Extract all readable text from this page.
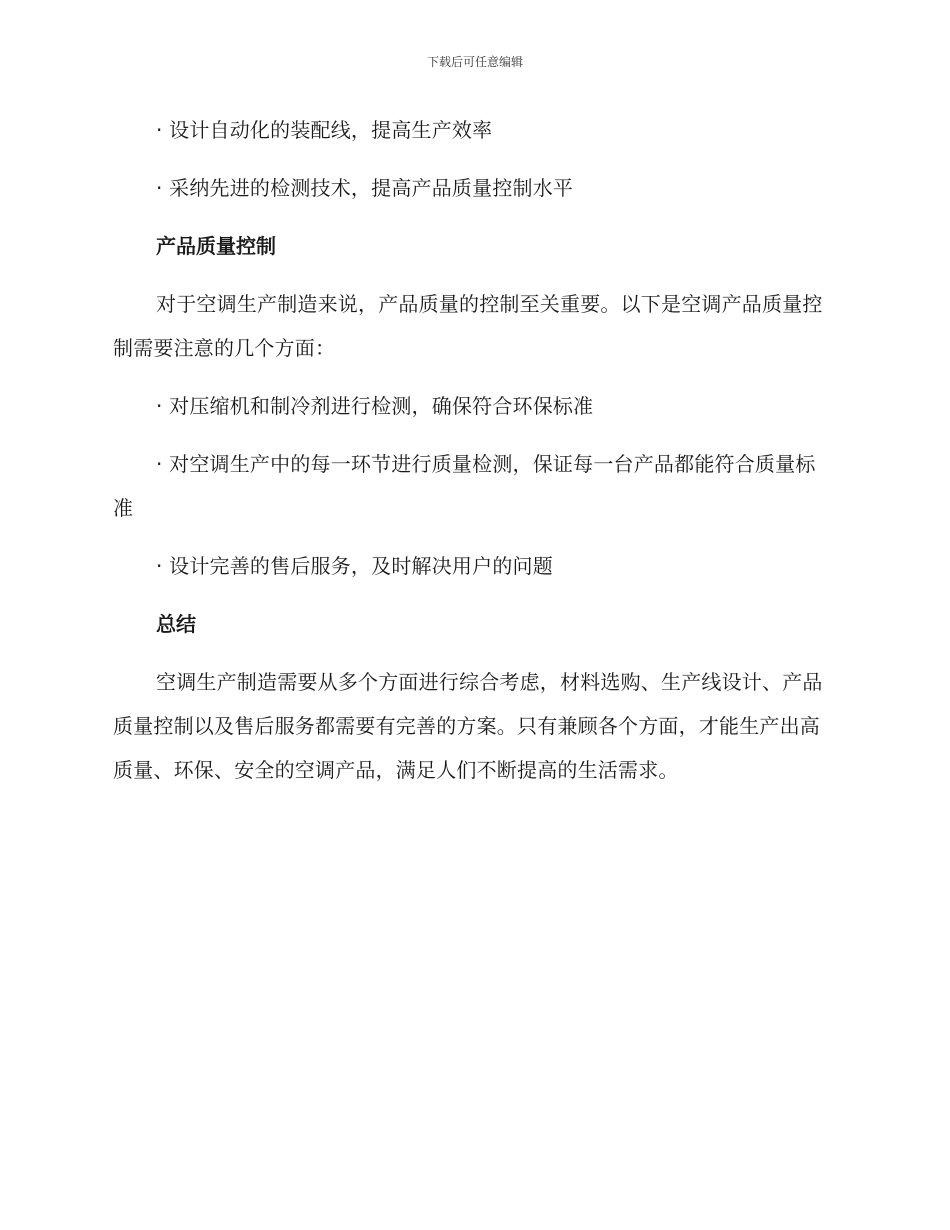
下载后可任意编辑

· 设计自动化的装配线，提高生产效率

· 采纳先进的检测技术，提高产品质量控制水平

产品质量控制

对于空调生产制造来说，产品质量的控制至关重要。以下是空调产品质量控制需要注意的几个方面：

· 对压缩机和制冷剂进行检测，确保符合环保标准

· 对空调生产中的每一环节进行质量检测，保证每一台产品都能符合质量标准

· 设计完善的售后服务，及时解决用户的问题

总结

空调生产制造需要从多个方面进行综合考虑，材料选购、生产线设计、产品质量控制以及售后服务都需要有完善的方案。只有兼顾各个方面，才能生产出高质量、环保、安全的空调产品，满足人们不断提高的生活需求。
